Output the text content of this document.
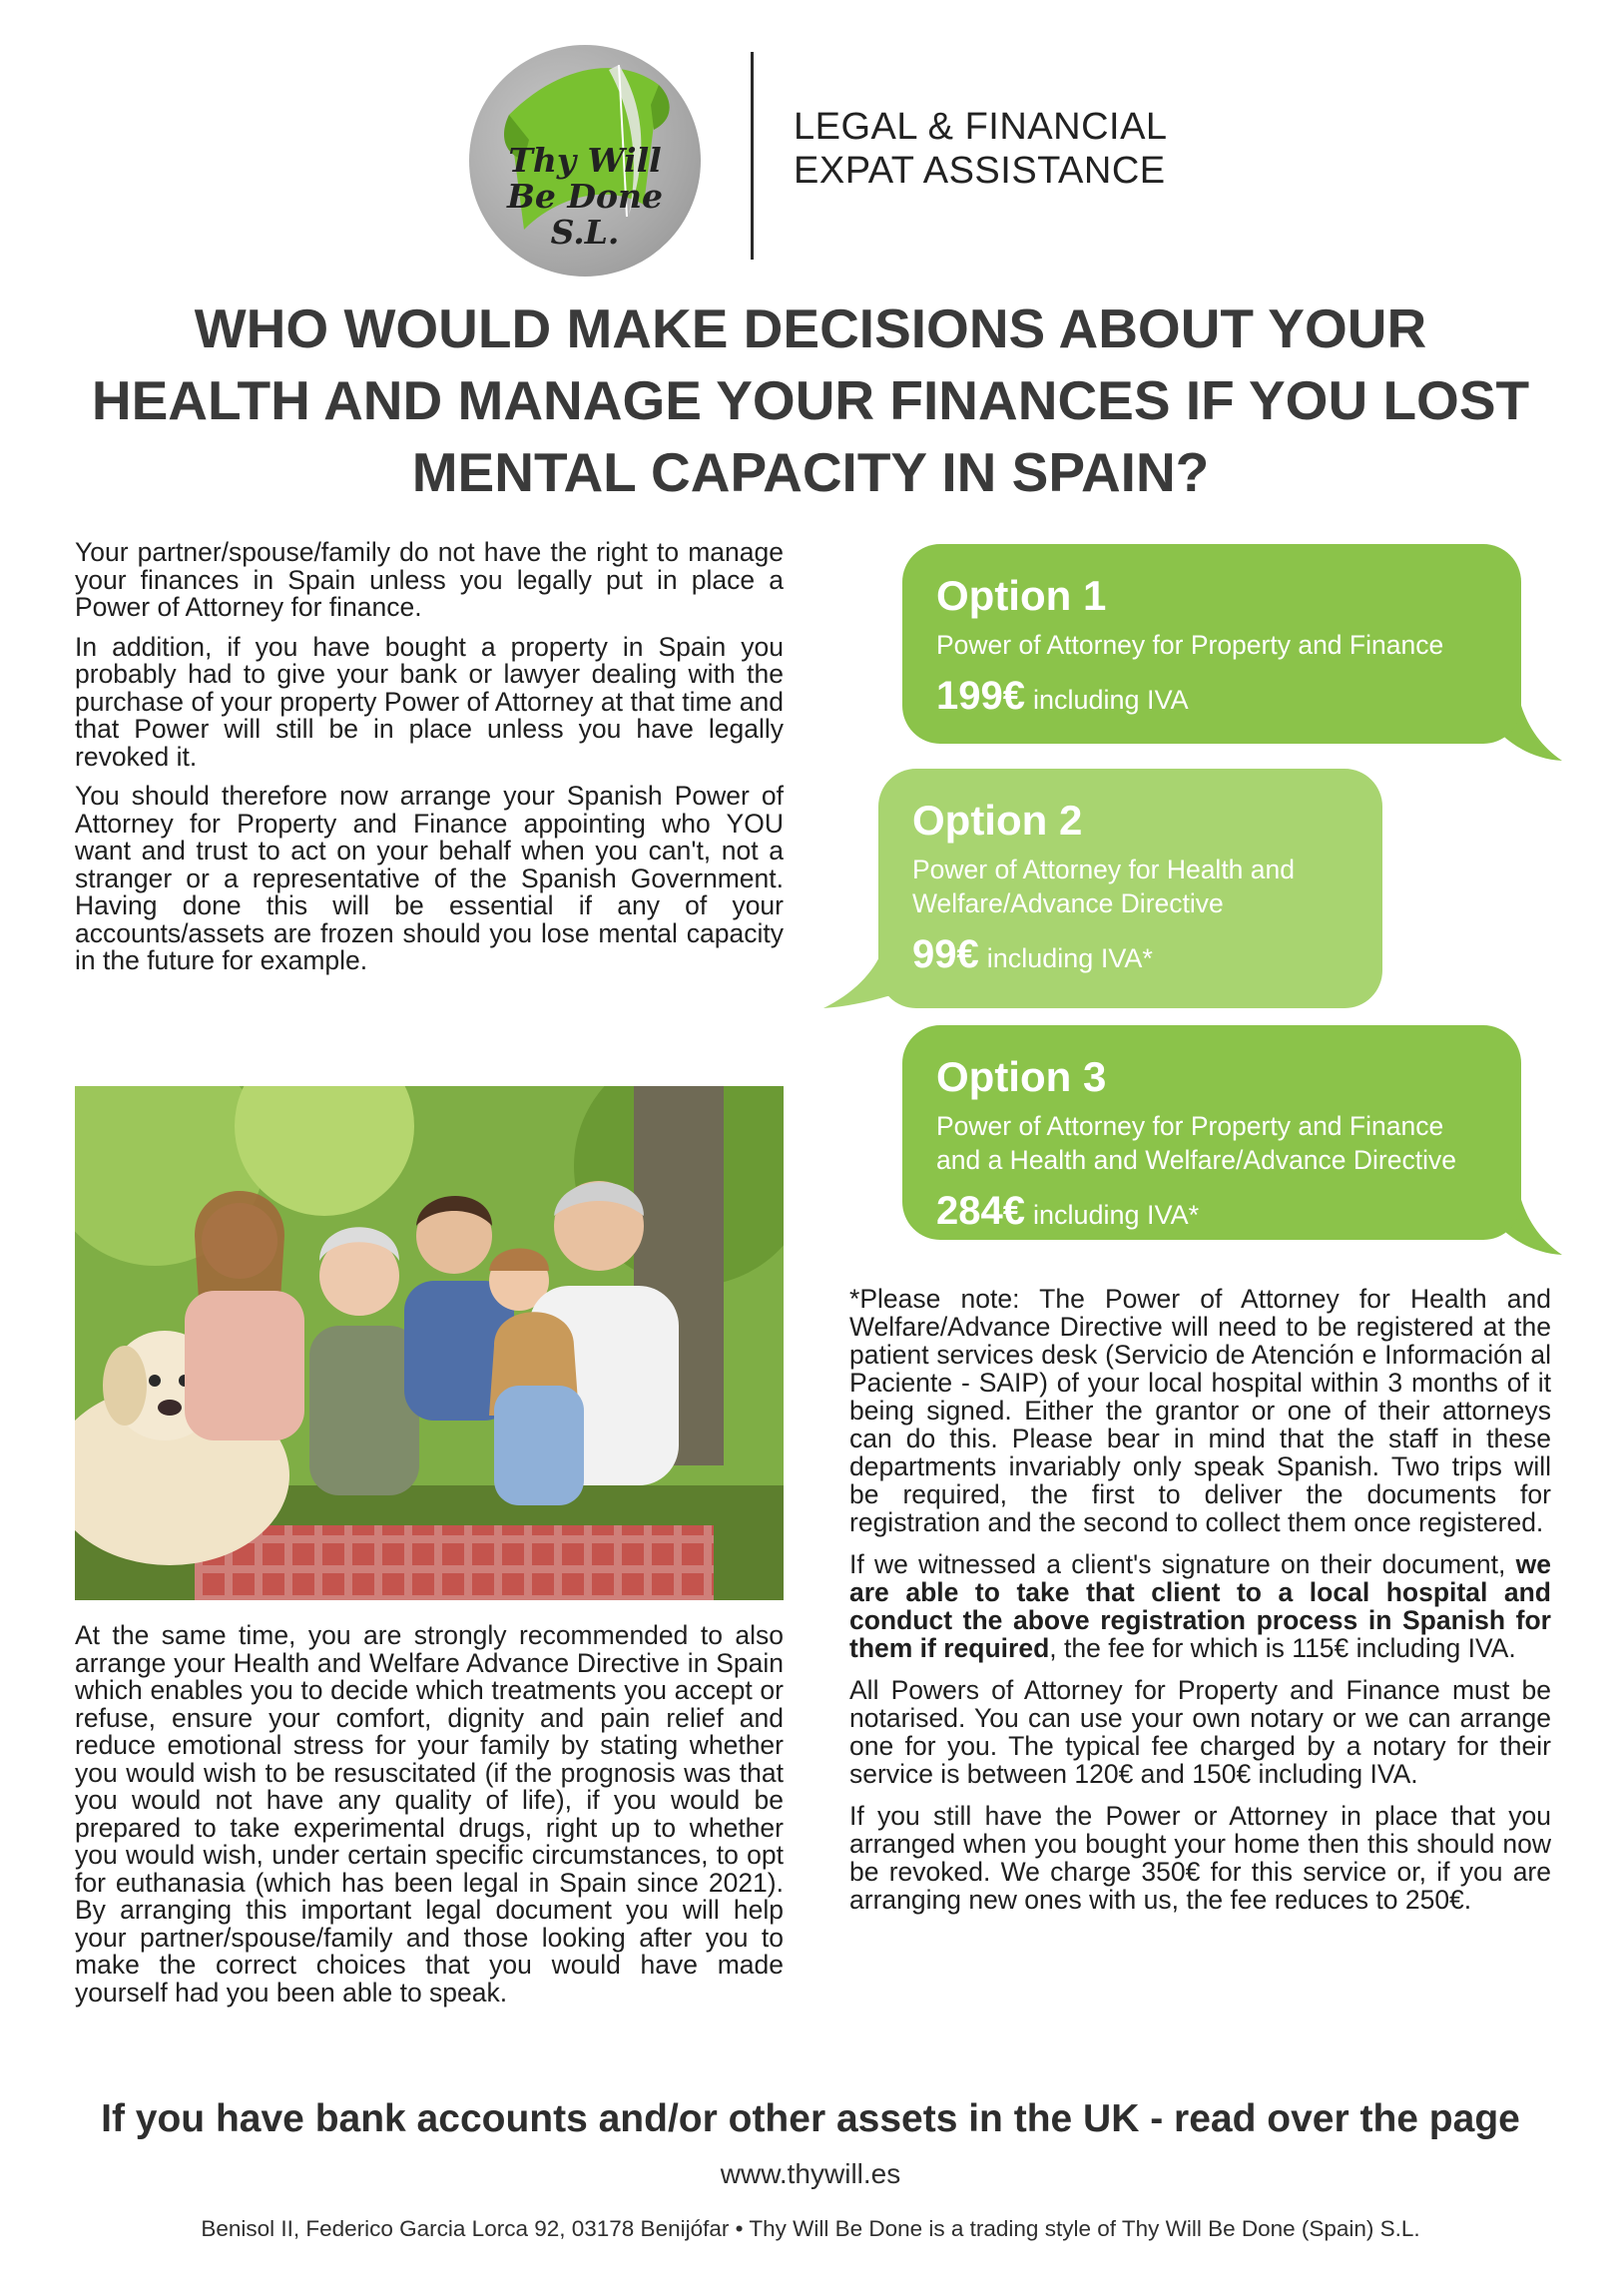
Thy Will
Be Done
S.L.
LEGAL & FINANCIAL
EXPAT ASSISTANCE
WHO WOULD MAKE DECISIONS ABOUT YOUR
HEALTH AND MANAGE YOUR FINANCES IF YOU LOST
MENTAL CAPACITY IN SPAIN?

Your partner/spouse/family do not have the right to manage your finances in Spain unless you legally put in place a Power of Attorney for finance.

In addition, if you have bought a property in Spain you probably had to give your bank or lawyer dealing with the purchase of your property Power of Attorney at that time and that Power will still be in place unless you have legally revoked it.

You should therefore now arrange your Spanish Power of Attorney for Property and Finance appointing who YOU want and trust to act on your behalf when you can't, not a stranger or a representative of the Spanish Government. Having done this will be essential if any of your accounts/assets are frozen should you lose mental capacity in the future for example.

At the same time, you are strongly recommended to also arrange your Health and Welfare Advance Directive in Spain which enables you to decide which treatments you accept or refuse, ensure your comfort, dignity and pain relief and reduce emotional stress for your family by stating whether you would wish to be resuscitated (if the prognosis was that you would not have any quality of life), if you would be prepared to take experimental drugs, right up to whether you would wish, under certain specific circumstances, to opt for euthanasia (which has been legal in Spain since 2021). By arranging this important legal document you will help your partner/spouse/family and those looking after you to make the correct choices that you would have made yourself had you been able to speak.

Option 1
Power of Attorney for Property and Finance
199€ including IVA
Option 2
Power of Attorney for Health and Welfare/Advance Directive
99€ including IVA*
Option 3
Power of Attorney for Property and Finance and a Health and Welfare/Advance Directive
284€ including IVA*

*Please note: The Power of Attorney for Health and Welfare/Advance Directive will need to be registered at the patient services desk (Servicio de Atención e Información al Paciente - SAIP) of your local hospital within 3 months of it being signed. Either the grantor or one of their attorneys can do this. Please bear in mind that the staff in these departments invariably only speak Spanish. Two trips will be required, the first to deliver the documents for registration and the second to collect them once registered.

If we witnessed a client's signature on their document, we are able to take that client to a local hospital and conduct the above registration process in Spanish for them if required, the fee for which is 115€ including IVA.

All Powers of Attorney for Property and Finance must be notarised. You can use your own notary or we can arrange one for you. The typical fee charged by a notary for their service is between 120€ and 150€ including IVA.

If you still have the Power or Attorney in place that you arranged when you bought your home then this should now be revoked. We charge 350€ for this service or, if you are arranging new ones with us, the fee reduces to 250€.

If you have bank accounts and/or other assets in the UK - read over the page
www.thywill.es
Benisol II, Federico Garcia Lorca 92, 03178 Benijófar • Thy Will Be Done is a trading style of Thy Will Be Done (Spain) S.L.
